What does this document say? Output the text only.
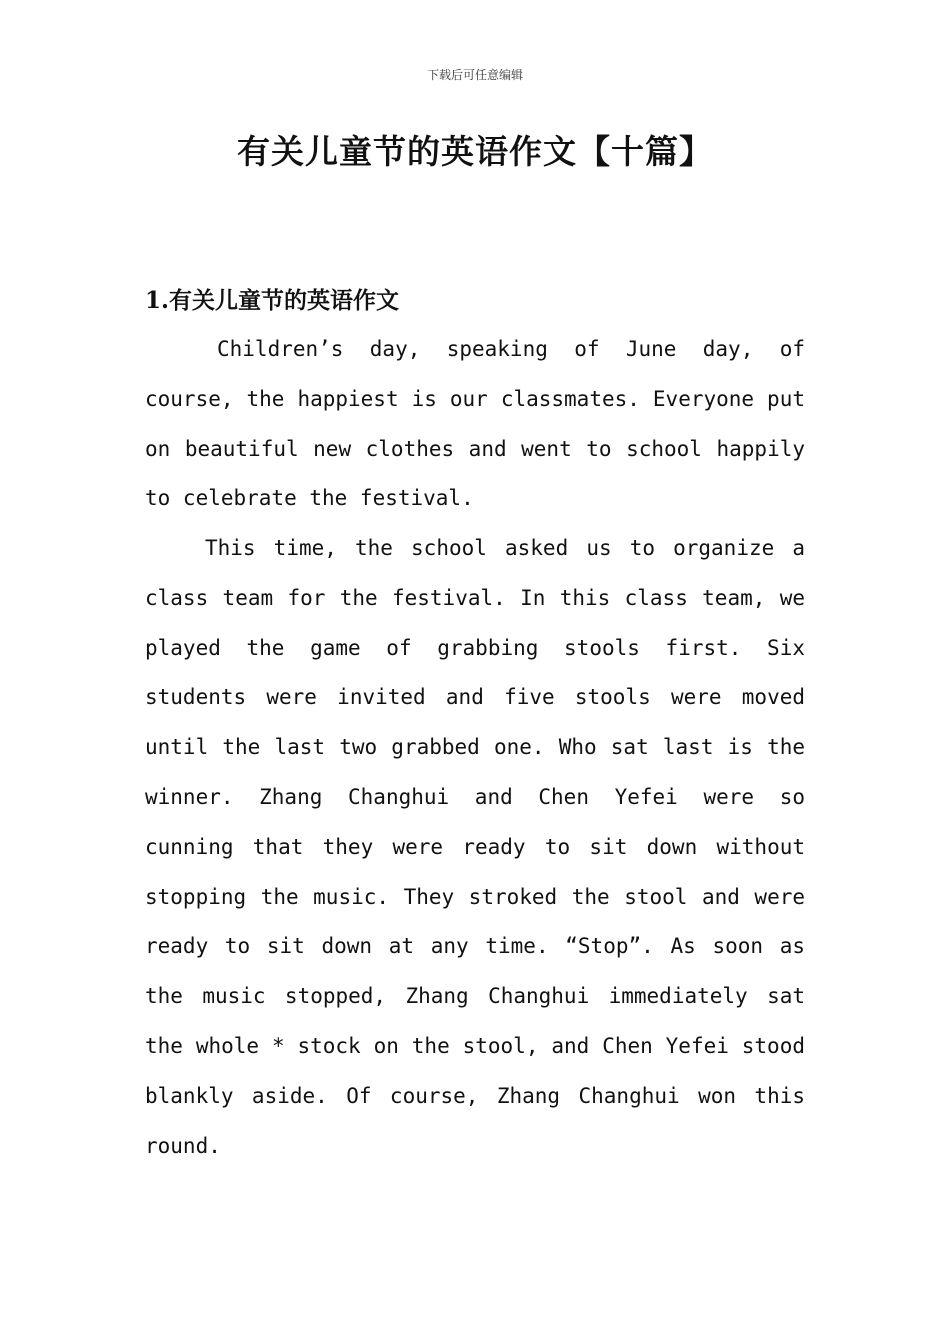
下载后可任意编辑
有关儿童节的英语作文【十篇】
1.有关儿童节的英语作文

Children’s day, speaking of June day, of course, the happiest is our classmates. Everyone put on beautiful new clothes and went to school happily to celebrate the festival.

This time, the school asked us to organize a class team for the festival. In this class team, we played the game of grabbing stools first. Six students were invited and five stools were moved until the last two grabbed one. Who sat last is the winner. Zhang Changhui and Chen Yefei were so cunning that they were ready to sit down without stopping the music. They stroked the stool and were ready to sit down at any time. “Stop”. As soon as the music stopped, Zhang Changhui immediately sat the whole * stock on the stool, and Chen Yefei stood blankly aside. Of course, Zhang Changhui won this round.
